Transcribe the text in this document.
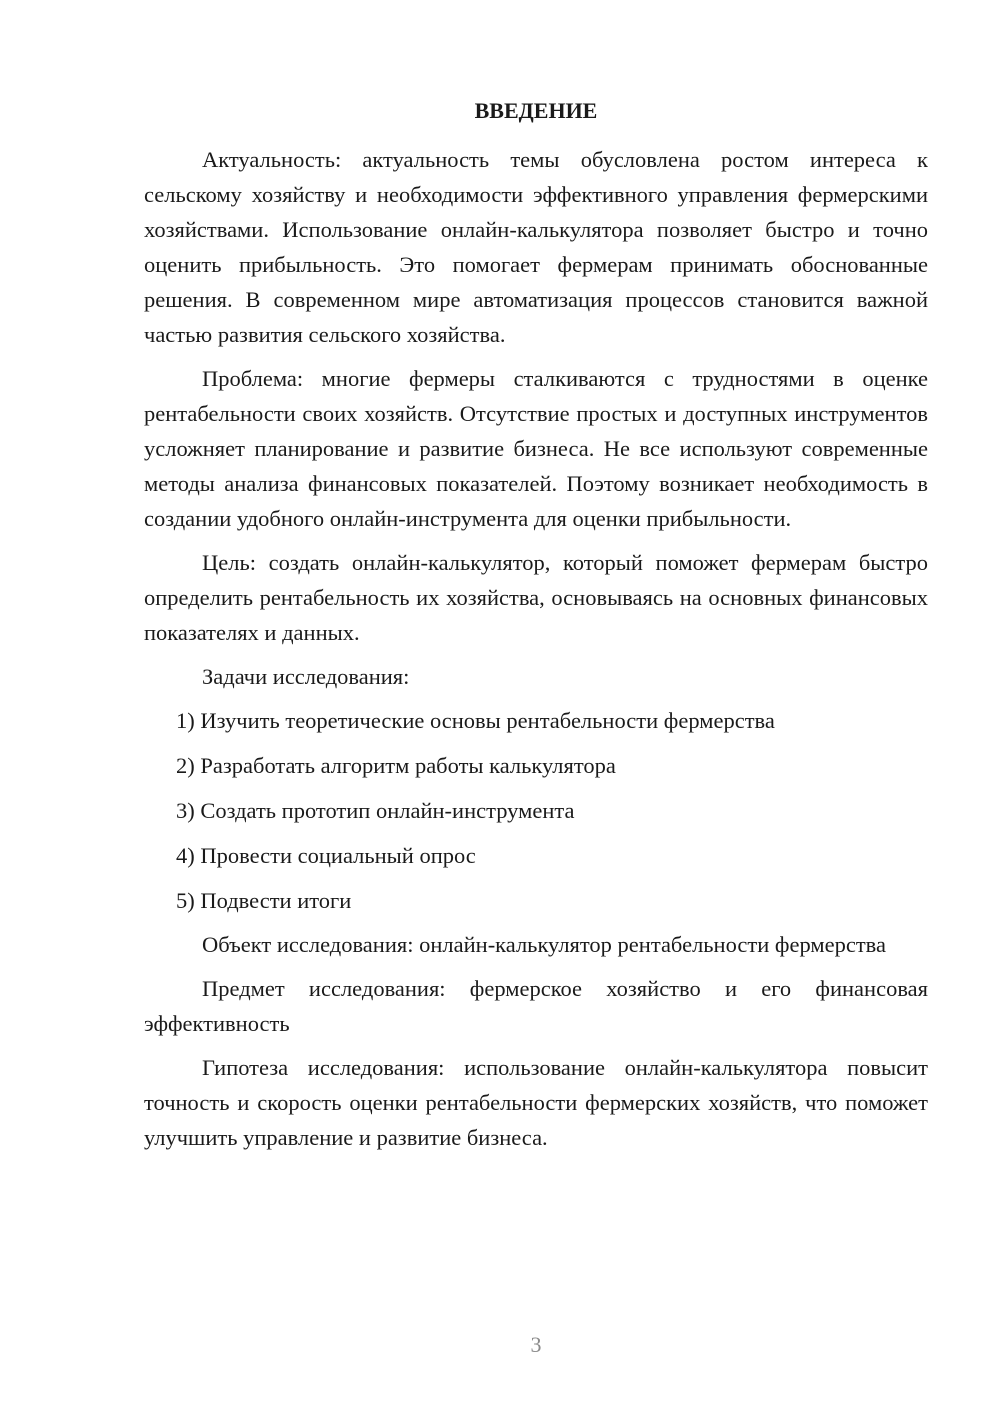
ВВЕДЕНИЕ

Актуальность: актуальность темы обусловлена ростом интереса к сельскому хозяйству и необходимости эффективного управления фермерскими хозяйствами. Использование онлайн-калькулятора позволяет быстро и точно оценить прибыльность. Это помогает фермерам принимать обоснованные решения. В современном мире автоматизация процессов становится важной частью развития сельского хозяйства.

Проблема: многие фермеры сталкиваются с трудностями в оценке рентабельности своих хозяйств. Отсутствие простых и доступных инструментов усложняет планирование и развитие бизнеса. Не все используют современные методы анализа финансовых показателей. Поэтому возникает необходимость в создании удобного онлайн-инструмента для оценки прибыльности.

Цель: создать онлайн-калькулятор, который поможет фермерам быстро определить рентабельность их хозяйства, основываясь на основных финансовых показателях и данных.

Задачи исследования:

1) Изучить теоретические основы рентабельности фермерства
2) Разработать алгоритм работы калькулятора
3) Создать прототип онлайн-инструмента
4) Провести социальный опрос
5) Подвести итоги

Объект исследования: онлайн-калькулятор рентабельности фермерства

Предмет исследования: фермерское хозяйство и его финансовая эффективность

Гипотеза исследования: использование онлайн-калькулятора повысит точность и скорость оценки рентабельности фермерских хозяйств, что поможет улучшить управление и развитие бизнеса.

3
